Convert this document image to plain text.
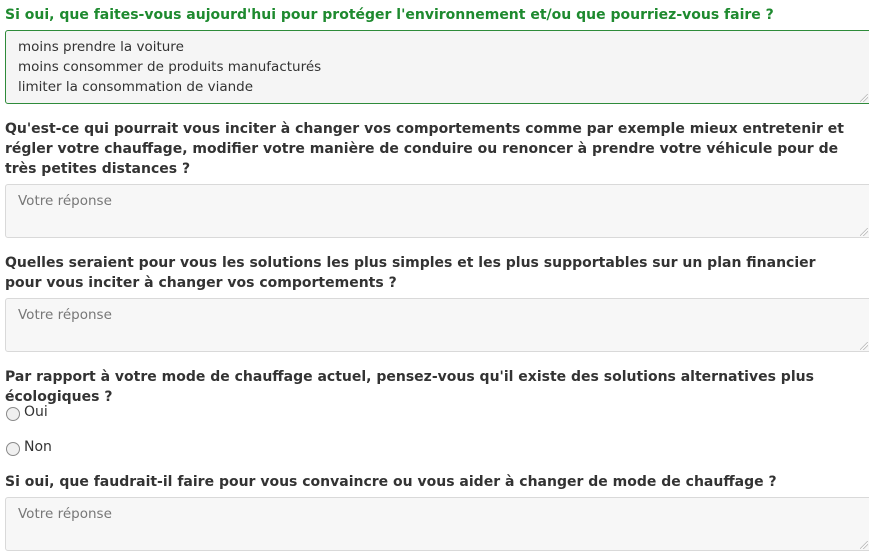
Si oui, que faites-vous aujourd'hui pour protéger l'environnement et/ou que pourriez-vous faire ?

moins prendre la voiture moins consommer de produits manufacturés limiter la consommation de viande

Qu'est-ce qui pourrait vous inciter à changer vos comportements comme par exemple mieux entretenir et régler votre chauffage, modifier votre manière de conduire ou renoncer à prendre votre véhicule pour de très petites distances ?

Votre réponse

Quelles seraient pour vous les solutions les plus simples et les plus supportables sur un plan financier pour vous inciter à changer vos comportements ?

Votre réponse

Par rapport à votre mode de chauffage actuel, pensez-vous qu'il existe des solutions alternatives plus écologiques ?

Oui
Non

Si oui, que faudrait-il faire pour vous convaincre ou vous aider à changer de mode de chauffage ?

Votre réponse
